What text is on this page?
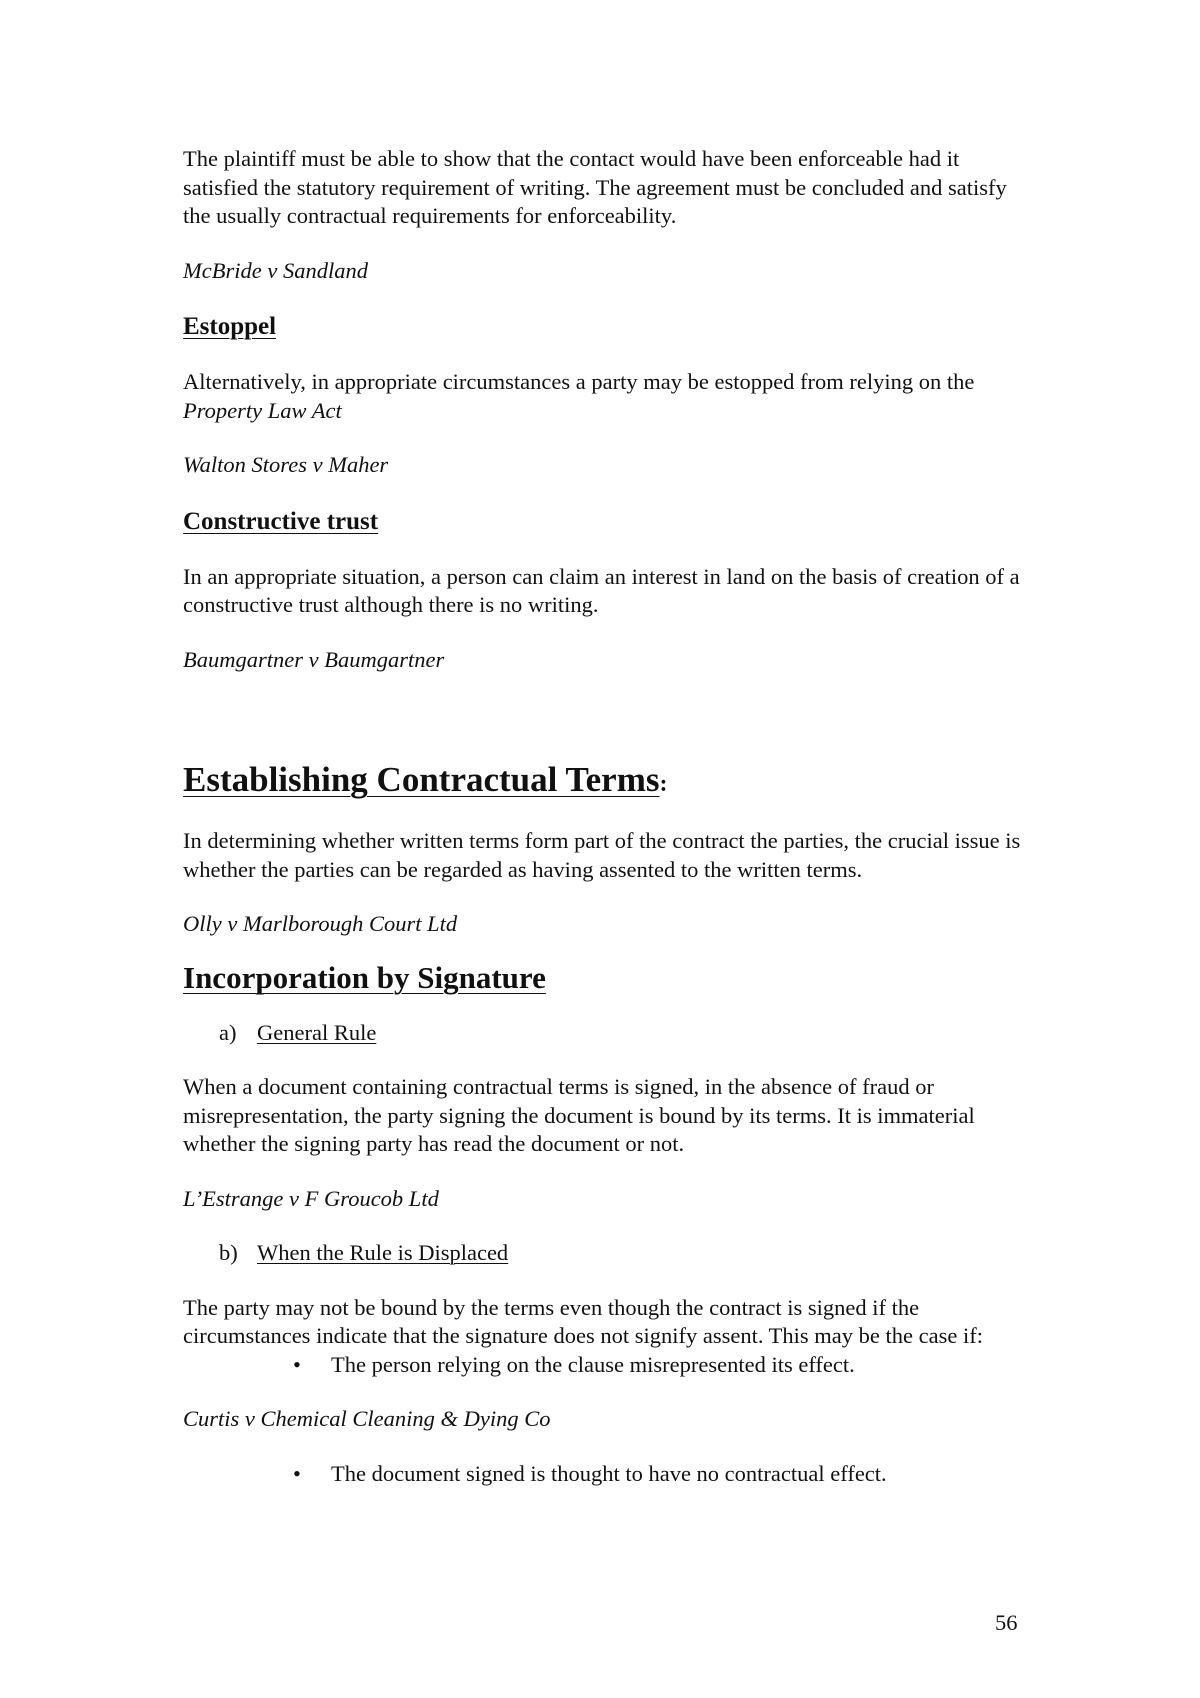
The plaintiff must be able to show that the contact would have been enforceable had it satisfied the statutory requirement of writing. The agreement must be concluded and satisfy the usually contractual requirements for enforceability.

McBride v Sandland

Estoppel

Alternatively, in appropriate circumstances a party may be estopped from relying on the Property Law Act

Walton Stores v Maher

Constructive trust

In an appropriate situation, a person can claim an interest in land on the basis of creation of a constructive trust although there is no writing.

Baumgartner v Baumgartner

Establishing Contractual Terms:

In determining whether written terms form part of the contract the parties, the crucial issue is whether the parties can be regarded as having assented to the written terms.

Olly v Marlborough Court Ltd

Incorporation by Signature
a) General Rule

When a document containing contractual terms is signed, in the absence of fraud or misrepresentation, the party signing the document is bound by its terms. It is immaterial whether the signing party has read the document or not.

L’Estrange v F Groucob Ltd

b) When the Rule is Displaced

The party may not be bound by the terms even though the contract is signed if the circumstances indicate that the signature does not signify assent. This may be the case if:

• The person relying on the clause misrepresented its effect.

Curtis v Chemical Cleaning & Dying Co

• The document signed is thought to have no contractual effect.
56
